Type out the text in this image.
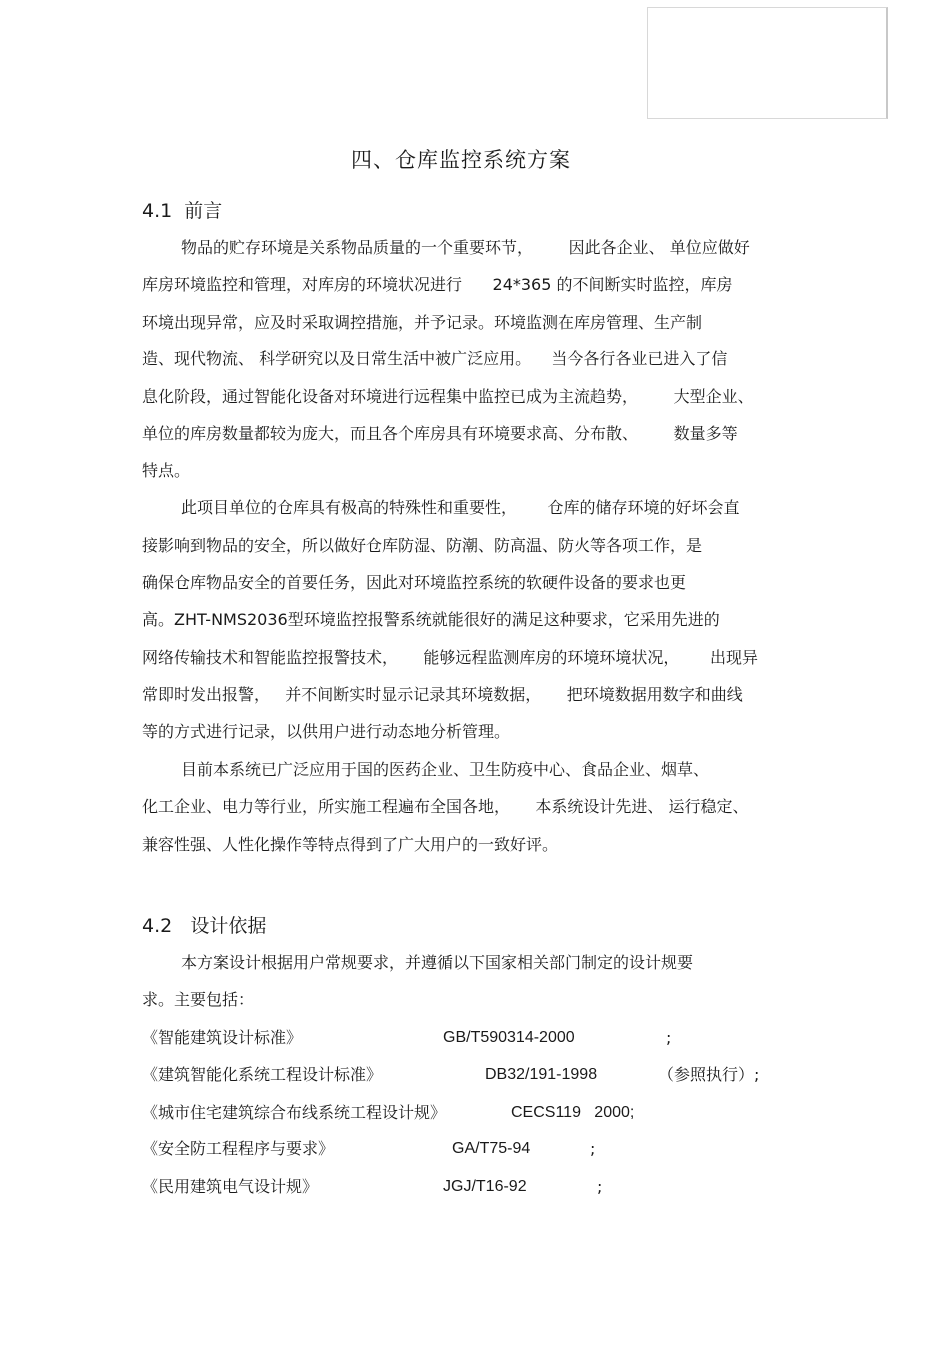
四、仓库监控系统方案
4.1  前言

物品的贮存环境是关系物品质量的一个重要环节，       因此各企业、 单位应做好

库房环境监控和管理，对库房的环境状况进行      24*365 的不间断实时监控，库房

环境出现异常，应及时采取调控措施，并予记录。环境监测在库房管理、生产制

造、现代物流、 科学研究以及日常生活中被广泛应用。    当今各行各业已进入了信

息化阶段，通过智能化设备对环境进行远程集中监控已成为主流趋势，       大型企业、

单位的库房数量都较为庞大，而且各个库房具有环境要求高、分布散、       数量多等

特点。

此项目单位的仓库具有极高的特殊性和重要性，      仓库的储存环境的好坏会直

接影响到物品的安全，所以做好仓库防湿、防潮、防高温、防火等各项工作，是

确保仓库物品安全的首要任务，因此对环境监控系统的软硬件设备的要求也更

高。ZHT-NMS2036型环境监控报警系统就能很好的满足这种要求，它采用先进的

网络传输技术和智能监控报警技术，     能够远程监测库房的环境环境状况，      出现异

常即时发出报警，   并不间断实时显示记录其环境数据，     把环境数据用数字和曲线

等的方式进行记录，以供用户进行动态地分析管理。

目前本系统已广泛应用于国的医药企业、卫生防疫中心、食品企业、烟草、

化工企业、电力等行业，所实施工程遍布全国各地，     本系统设计先进、 运行稳定、

兼容性强、人性化操作等特点得到了广大用户的一致好评。

4.2   设计依据

本方案设计根据用户常规要求，并遵循以下国家相关部门制定的设计规要

求。主要包括：

《智能建筑设计标准》	GB/T590314-2000	;
《建筑智能化系统工程设计标准》	DB32/191-1998	（参照执行）;
《城市住宅建筑综合布线系统工程设计规》	CECS119   2000;
《安全防工程程序与要求》	GA/T75-94	;
《民用建筑电气设计规》	JGJ/T16-92	;
